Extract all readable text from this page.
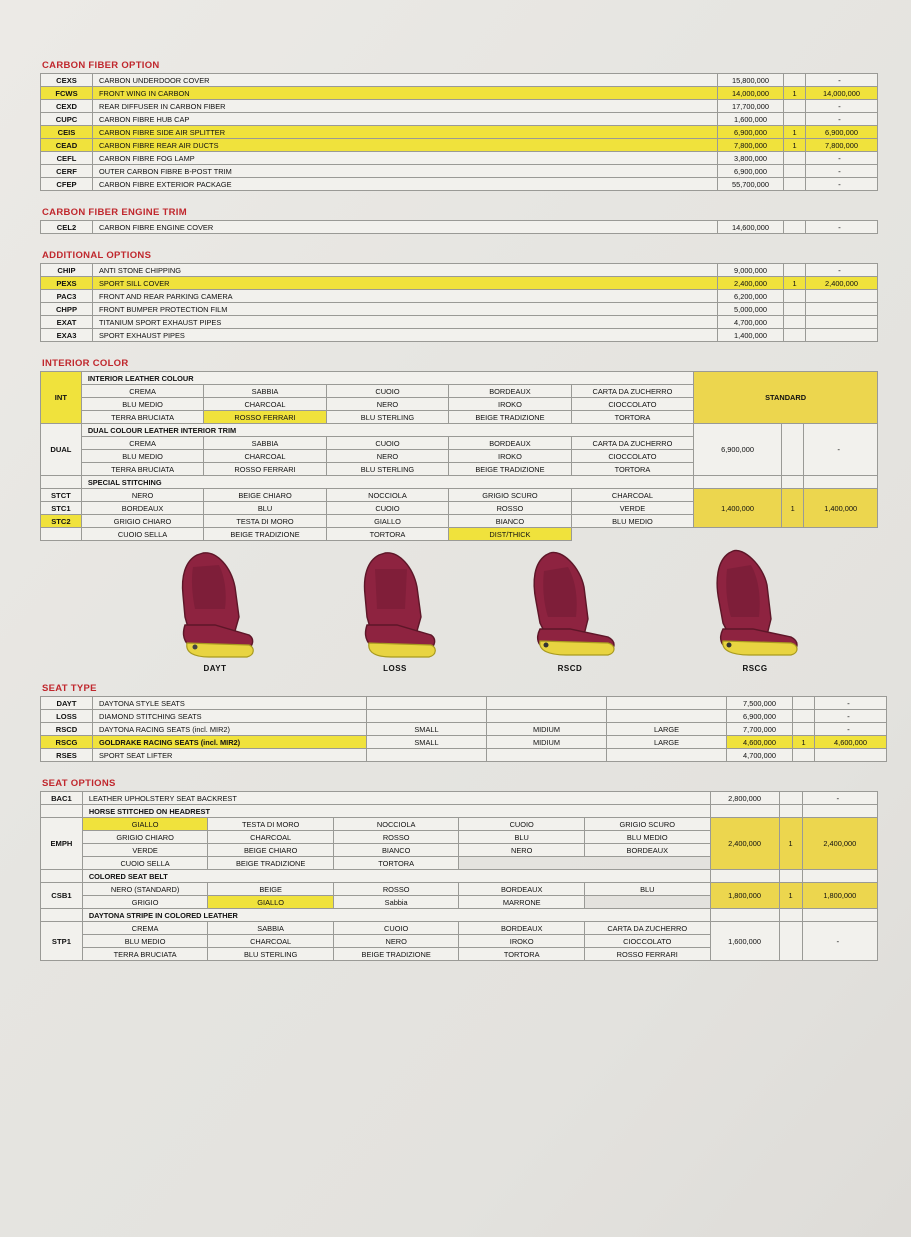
CARBON FIBER OPTION
CEXS	CARBON UNDERDOOR COVER	15,800,000		-
FCWS	FRONT WING IN CARBON	14,000,000	1	14,000,000
CEXD	REAR DIFFUSER IN CARBON FIBER	17,700,000		-
CUPC	CARBON FIBRE HUB CAP	1,600,000		-
CEIS	CARBON FIBRE SIDE AIR SPLITTER	6,900,000	1	6,900,000
CEAD	CARBON FIBRE REAR AIR DUCTS	7,800,000	1	7,800,000
CEFL	CARBON FIBRE FOG LAMP	3,800,000		-
CERF	OUTER CARBON FIBRE B-POST TRIM	6,900,000		-
CFEP	CARBON FIBRE EXTERIOR PACKAGE	55,700,000		-
CARBON FIBER ENGINE TRIM
CEL2	CARBON FIBRE ENGINE COVER	14,600,000		-
ADDITIONAL OPTIONS
CHIP	ANTI STONE CHIPPING	9,000,000		-
PEXS	SPORT SILL COVER	2,400,000	1	2,400,000
PAC3	FRONT AND REAR PARKING CAMERA	6,200,000		
CHPP	FRONT BUMPER PROTECTION FILM	5,000,000		
EXAT	TITANIUM SPORT EXHAUST PIPES	4,700,000		
EXA3	SPORT EXHAUST PIPES	1,400,000		
INTERIOR COLOR
INT	INTERIOR LEATHER COLOUR					STANDARD		
	CREMA	SABBIA	CUOIO	BORDEAUX	CARTA DA ZUCHERRO			
	BLU MEDIO	CHARCOAL	NERO	IROKO	CIOCCOLATO			
	TERRA BRUCIATA	ROSSO FERRARI	BLU STERLING	BEIGE TRADIZIONE	TORTORA			
DUAL	DUAL COLOUR LEATHER INTERIOR TRIM					6,900,000		-
	CREMA	SABBIA	CUOIO	BORDEAUX	CARTA DA ZUCHERRO			
	BLU MEDIO	CHARCOAL	NERO	IROKO	CIOCCOLATO			
	TERRA BRUCIATA	ROSSO FERRARI	BLU STERLING	BEIGE TRADIZIONE	TORTORA			
	SPECIAL STITCHING							
STCT	NERO	BEIGE CHIARO	NOCCIOLA	GRIGIO SCURO	CHARCOAL	1,400,000	1	1,400,000
STC1	BORDEAUX	BLU	CUOIO	ROSSO	VERDE			
STC2	GRIGIO CHIARO	TESTA DI MORO	GIALLO	BIANCO	BLU MEDIO			
	CUOIO SELLA	BEIGE TRADIZIONE	TORTORA	DIST/THICK				
DAYT	LOSS	RSCD	RSCG
SEAT TYPE
DAYT	DAYTONA STYLE SEATS				7,500,000		-
LOSS	DIAMOND STITCHING SEATS				6,900,000		-
RSCD	DAYTONA RACING SEATS (incl. MIR2)	SMALL	MIDIUM	LARGE	7,700,000		-
RSCG	GOLDRAKE RACING SEATS (incl. MIR2)	SMALL	MIDIUM	LARGE	4,600,000	1	4,600,000
RSES	SPORT SEAT LIFTER				4,700,000		
SEAT OPTIONS
BAC1	LEATHER UPHOLSTERY SEAT BACKREST					2,800,000		-
	HORSE STITCHED ON HEADREST							
EMPH	GIALLO	TESTA DI MORO	NOCCIOLA	CUOIO	GRIGIO SCURO	2,400,000	1	2,400,000
	GRIGIO CHIARO	CHARCOAL	ROSSO	BLU	BLU MEDIO			
	VERDE	BEIGE CHIARO	BIANCO	NERO	BORDEAUX			
	CUOIO SELLA	BEIGE TRADIZIONE	TORTORA					
	COLORED SEAT BELT							
CSB1	NERO (STANDARD)	BEIGE	ROSSO	BORDEAUX	BLU	1,800,000	1	1,800,000
	GRIGIO	GIALLO	Sabbia	MARRONE				
	DAYTONA STRIPE IN COLORED LEATHER							
STP1	CREMA	SABBIA	CUOIO	BORDEAUX	CARTA DA ZUCHERRO	1,600,000		-
	BLU MEDIO	CHARCOAL	NERO	IROKO	CIOCCOLATO			
	TERRA BRUCIATA	BLU STERLING	BEIGE TRADIZIONE	TORTORA	ROSSO FERRARI			
